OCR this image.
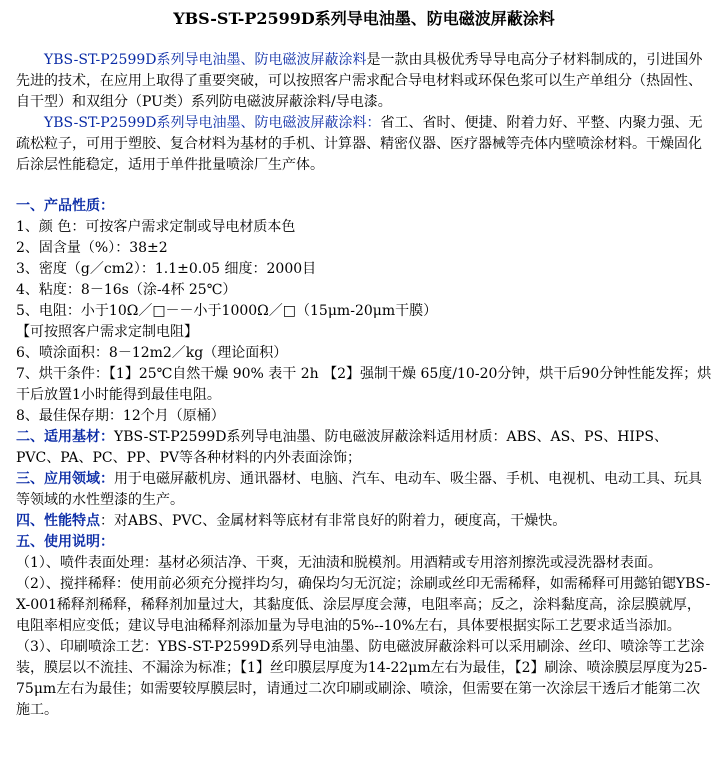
YBS-ST-P2599D系列导电油墨、防电磁波屏蔽涂料

YBS-ST-P2599D系列导电油墨、防电磁波屏蔽涂料是一款由具极优秀导导电高分子材料制成的，引进国外先进的技术，在应用上取得了重要突破，可以按照客户需求配合导电材料或环保色浆可以生产单组分（热固性、自干型）和双组分（PU类）系列防电磁波屏蔽涂料/导电漆。

YBS-ST-P2599D系列导电油墨、防电磁波屏蔽涂料：省工、省时、便捷、附着力好、平整、内聚力强、无疏松粒子，可用于塑胶、复合材料为基材的手机、计算器、精密仪器、医疗器械等壳体内壁喷涂材料。干燥固化后涂层性能稳定，适用于单件批量喷涂厂生产体。

一、产品性质：

1、颜 色：可按客户需求定制或导电材质本色

2、固含量（%）：38±2

3、密度（g／cm2）：1.1±0.05 细度：2000目

4、粘度：8－16s（涂-4杯 25℃）

5、电阻：小于10Ω／□－－小于1000Ω／□（15μm-20μm干膜）

【可按照客户需求定制电阻】

6、喷涂面积：8－12m2／kg（理论面积）

7、烘干条件：【1】25℃自然干燥 90% 表干 2h 【2】强制干燥 65度/10-20分钟，烘干后90分钟性能发挥；烘干后放置1小时能得到最佳电阻。

8、最佳保存期：12个月（原桶）

二、适用基材：YBS-ST-P2599D系列导电油墨、防电磁波屏蔽涂料适用材质：ABS、AS、PS、HIPS、PVC、PA、PC、PP、PV等各种材料的内外表面涂饰；

三、应用领域：用于电磁屏蔽机房、通讯器材、电脑、汽车、电动车、吸尘器、手机、电视机、电动工具、玩具等领域的水性塑漆的生产。

四、性能特点：对ABS、PVC、金属材料等底材有非常良好的附着力，硬度高，干燥快。

五、使用说明：

（1）、喷件表面处理：基材必须洁净、干爽，无油渍和脱模剂。用酒精或专用溶剂擦洗或浸洗器材表面。

（2）、搅拌稀释：使用前必须充分搅拌均匀，确保均匀无沉淀；涂刷或丝印无需稀释，如需稀释可用懿铂锶YBS-X-001稀释剂稀释，稀释剂加量过大，其黏度低、涂层厚度会薄，电阻率高；反之，涂料黏度高，涂层膜就厚，电阻率相应变低；建议导电油稀释剂添加量为导电油的5%--10%左右，具体要根据实际工艺要求适当添加。

（3）、印刷喷涂工艺：YBS-ST-P2599D系列导电油墨、防电磁波屏蔽涂料可以采用刷涂、丝印、喷涂等工艺涂装，膜层以不流挂、不漏涂为标准；【1】丝印膜层厚度为14-22μm左右为最佳，【2】刷涂、喷涂膜层厚度为25-75μm左右为最佳；如需要较厚膜层时，请通过二次印刷或刷涂、喷涂，但需要在第一次涂层干透后才能第二次施工。
